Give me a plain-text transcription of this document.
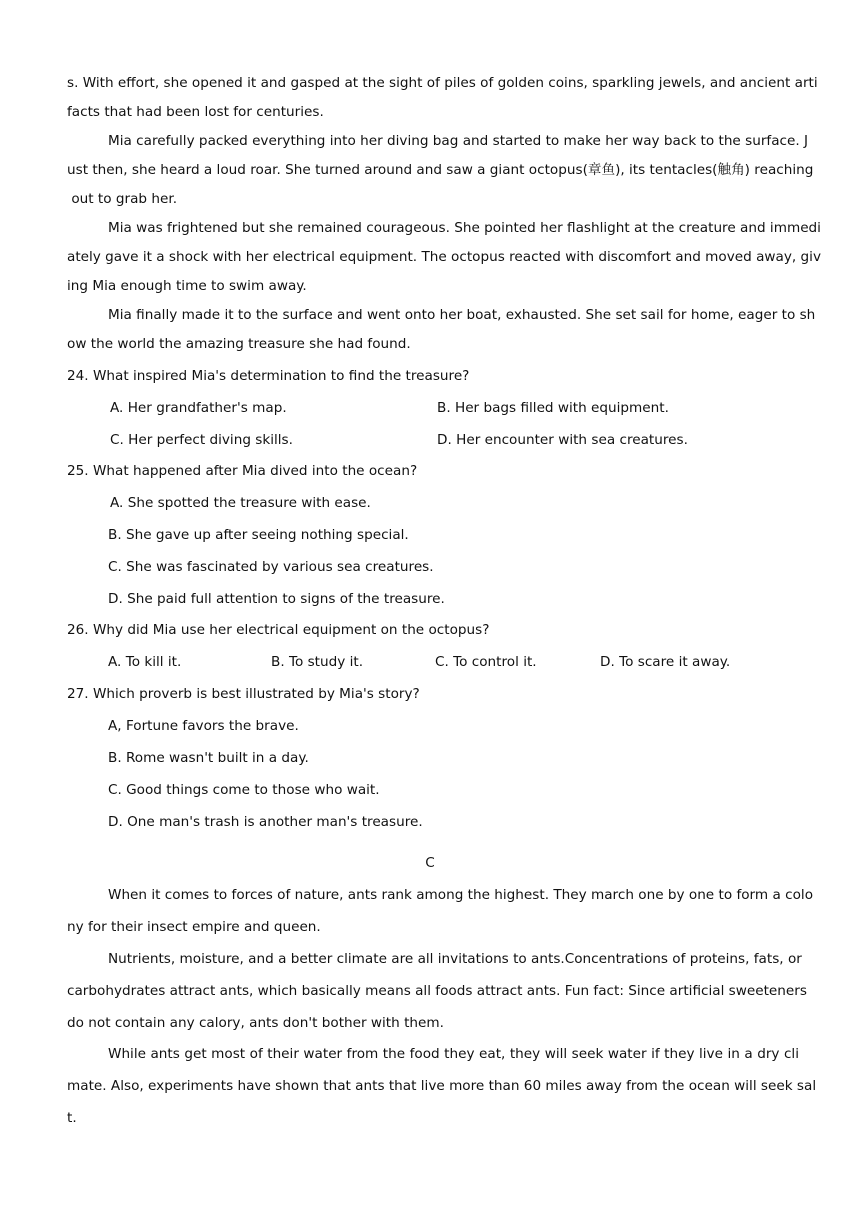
s. With effort, she opened it and gasped at the sight of piles of golden coins, sparkling jewels, and ancient arti
facts that had been lost for centuries.
Mia carefully packed everything into her diving bag and started to make her way back to the surface. J
ust then, she heard a loud roar. She turned around and saw a giant octopus(章鱼), its tentacles(触角) reaching
out to grab her.
Mia was frightened but she remained courageous. She pointed her flashlight at the creature and immedi
ately gave it a shock with her electrical equipment. The octopus reacted with discomfort and moved away, giv
ing Mia enough time to swim away.
Mia finally made it to the surface and went onto her boat, exhausted. She set sail for home, eager to sh
ow the world the amazing treasure she had found.
24. What inspired Mia's determination to find the treasure?
A. Her grandfather's map.	B. Her bags filled with equipment.
C. Her perfect diving skills.	D. Her encounter with sea creatures.
25. What happened after Mia dived into the ocean?
A. She spotted the treasure with ease.
B. She gave up after seeing nothing special.
C. She was fascinated by various sea creatures.
D. She paid full attention to signs of the treasure.
26. Why did Mia use her electrical equipment on the octopus?
A. To kill it.	B. To study it.	C. To control it.	D. To scare it away.
27. Which proverb is best illustrated by Mia's story?
A, Fortune favors the brave.
B. Rome wasn't built in a day.
C. Good things come to those who wait.
D. One man's trash is another man's treasure.
C
When it comes to forces of nature, ants rank among the highest. They march one by one to form a colo
ny for their insect empire and queen.
Nutrients, moisture, and a better climate are all invitations to ants.Concentrations of proteins, fats, or
carbohydrates attract ants, which basically means all foods attract ants. Fun fact: Since artificial sweeteners
do not contain any calory, ants don't bother with them.
While ants get most of their water from the food they eat, they will seek water if they live in a dry cli
mate. Also, experiments have shown that ants that live more than 60 miles away from the ocean will seek sal
t.
